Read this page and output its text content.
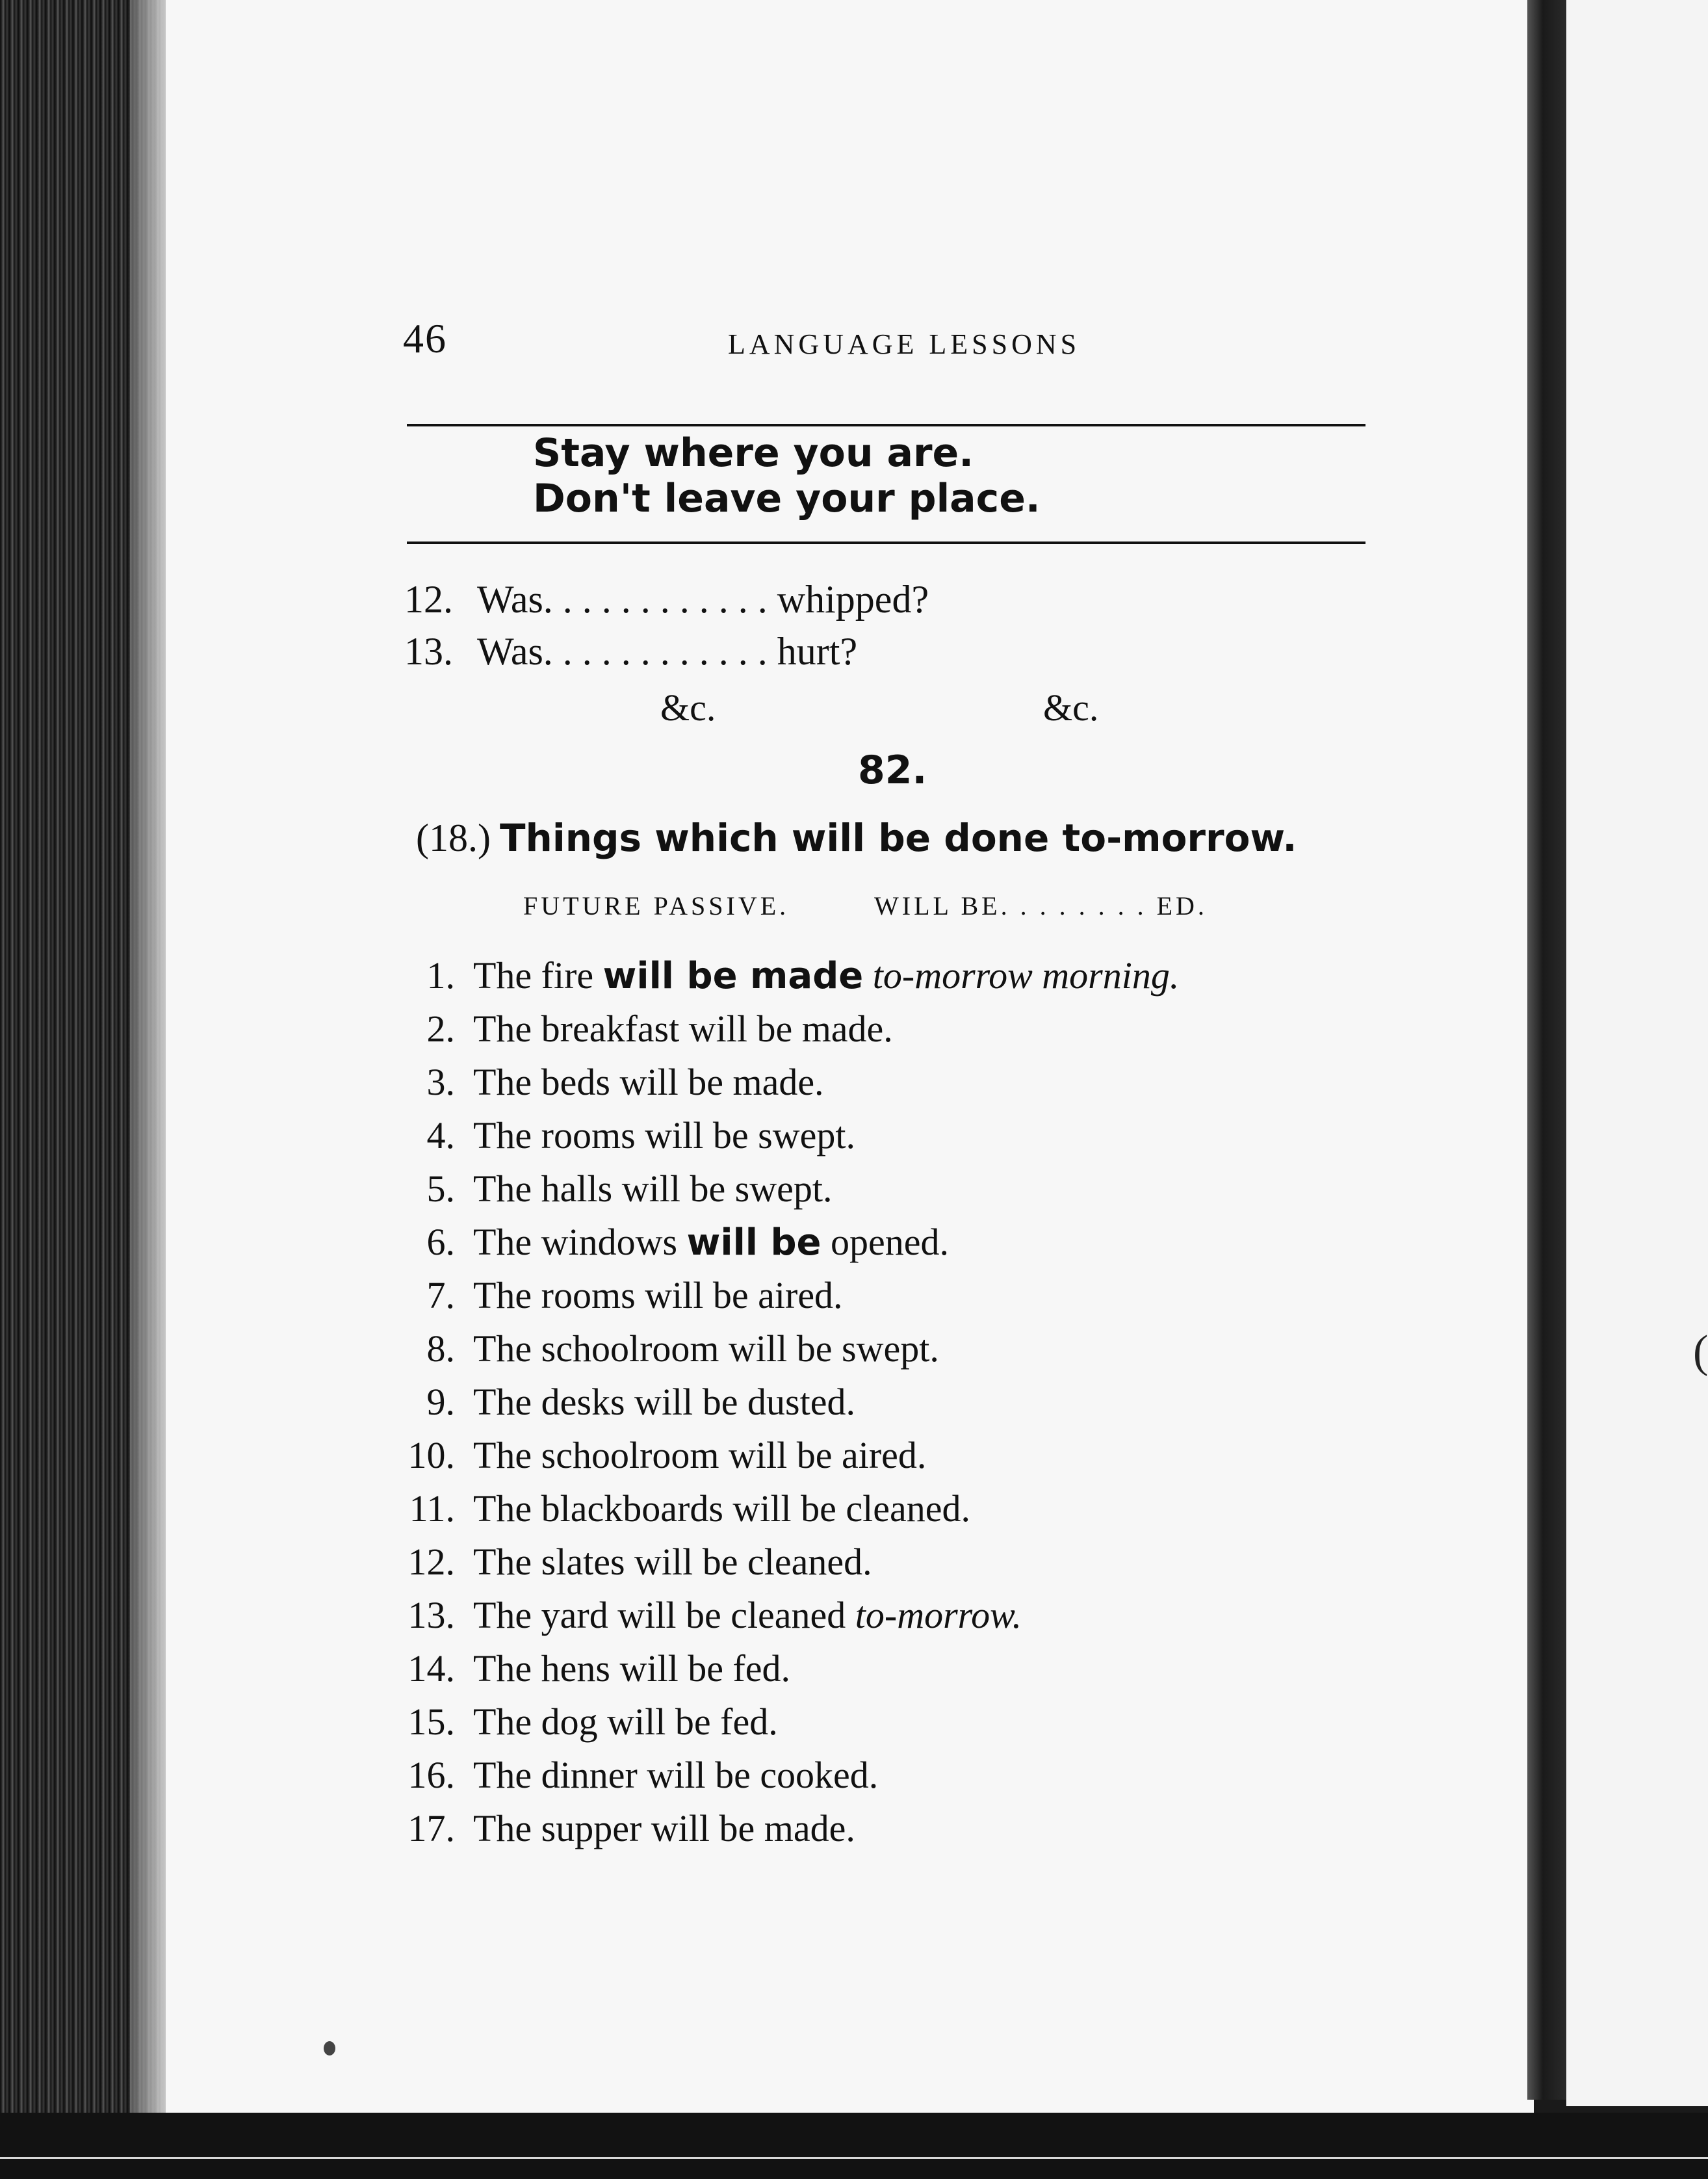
(
46	LANGUAGE LESSONS
Stay where you are.
Don't leave your place.
12. Was. . . . . . . . . . . . whipped?
13. Was. . . . . . . . . . . . hurt?
&c.	&c.
82.
(18.) Things which will be done to-morrow.
FUTURE PASSIVE.	WILL BE. . . . . . . . ED.
1. The fire will be made to-morrow morning.
2. The breakfast will be made.
3. The beds will be made.
4. The rooms will be swept.
5. The halls will be swept.
6. The windows will be opened.
7. The rooms will be aired.
8. The schoolroom will be swept.
9. The desks will be dusted.
10. The schoolroom will be aired.
11. The blackboards will be cleaned.
12. The slates will be cleaned.
13. The yard will be cleaned to-morrow.
14. The hens will be fed.
15. The dog will be fed.
16. The dinner will be cooked.
17. The supper will be made.
